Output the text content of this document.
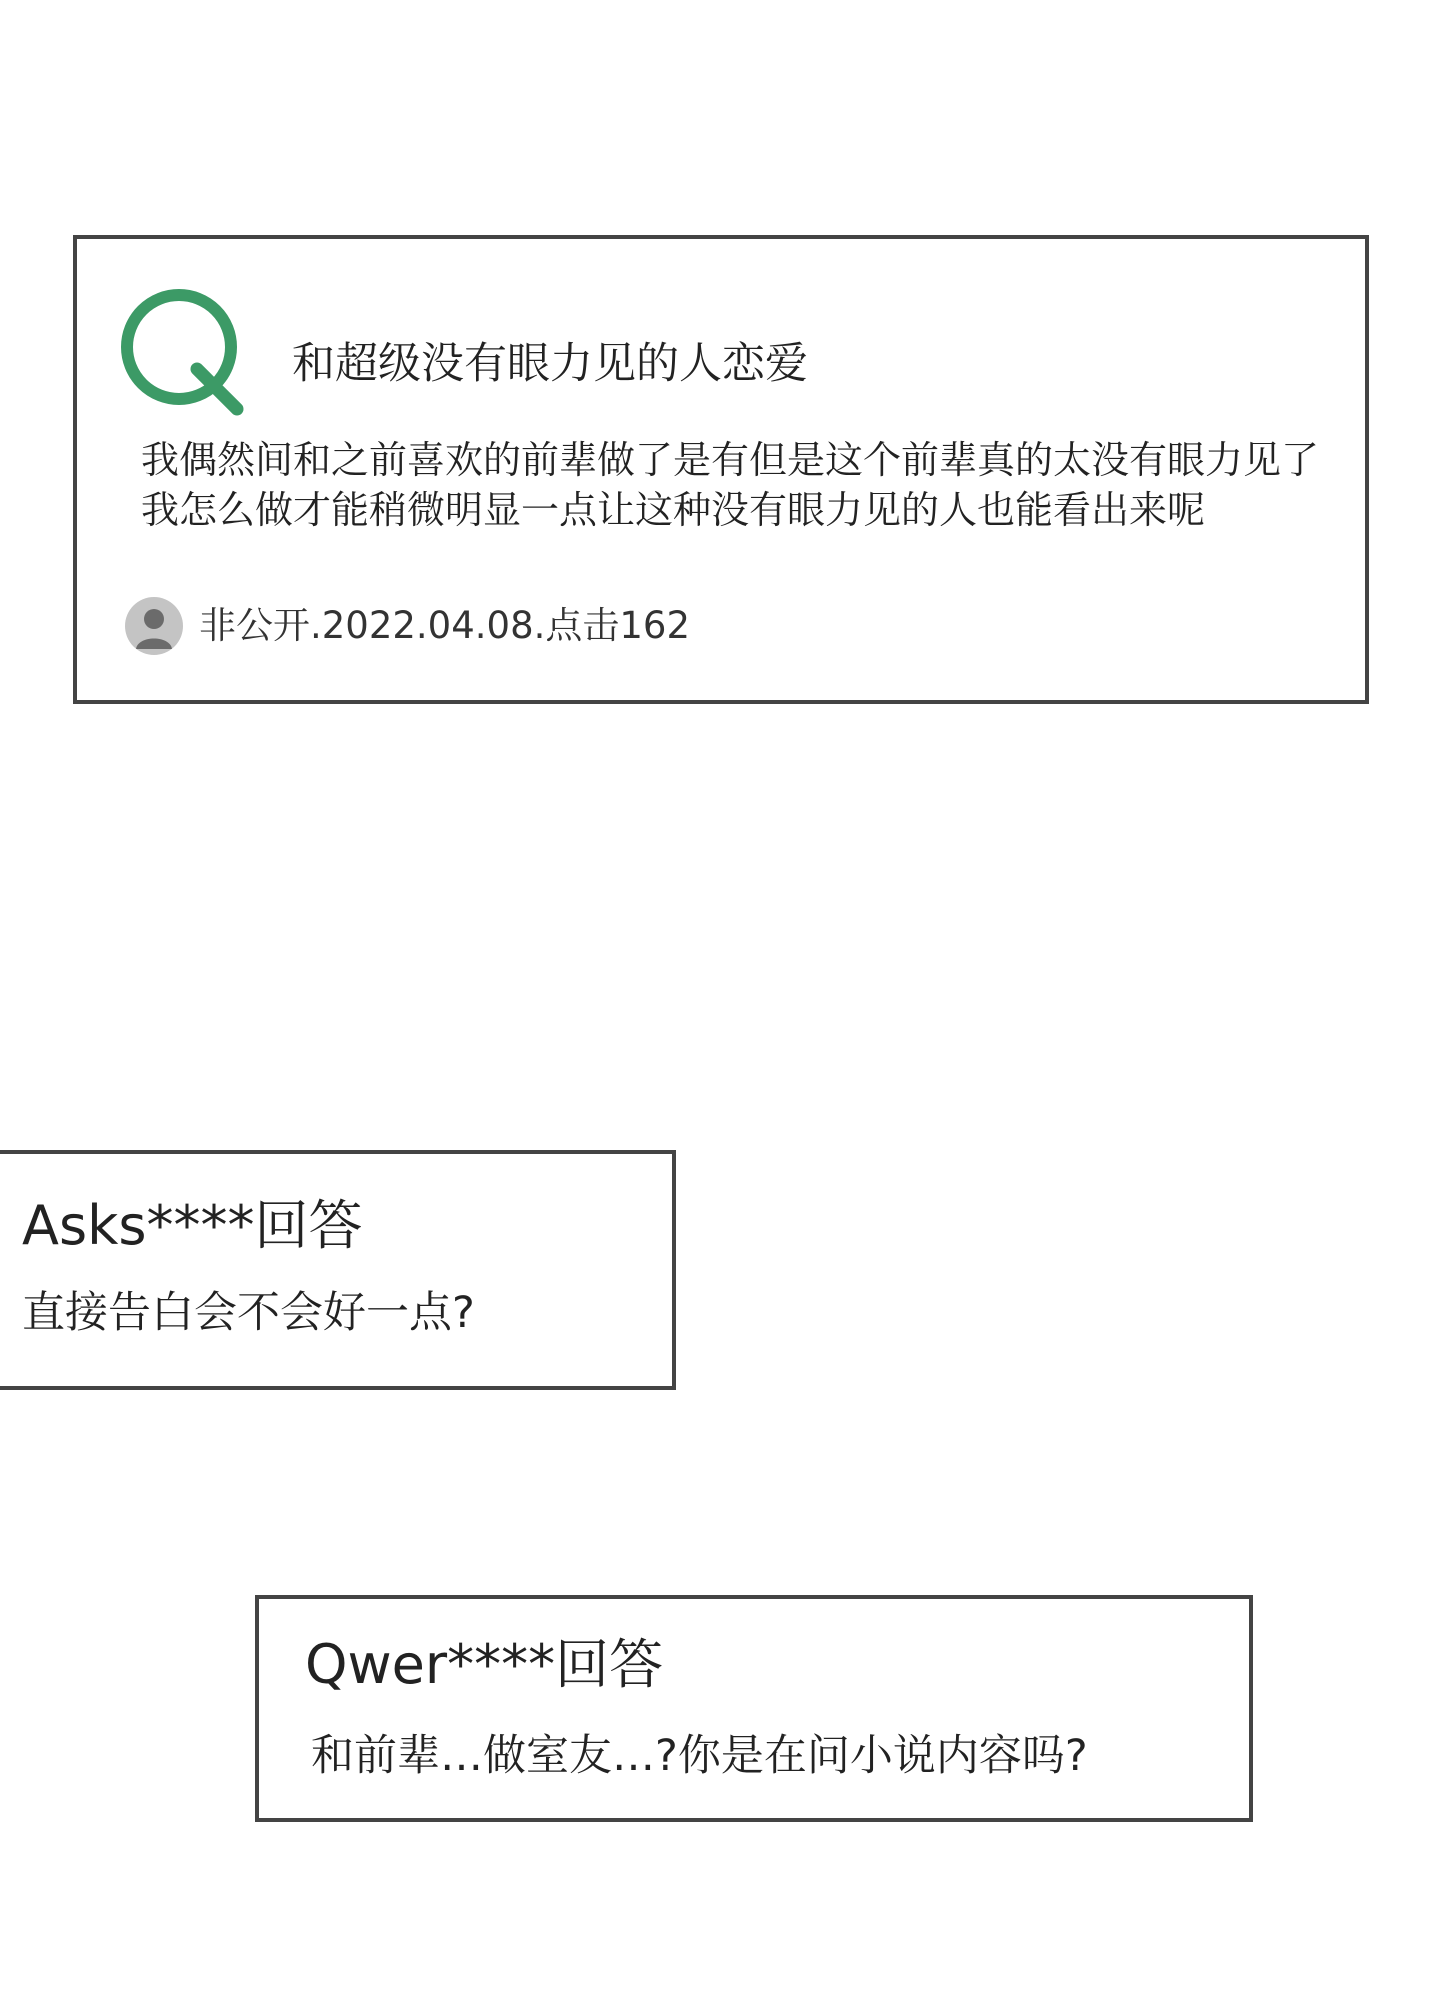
和超级没有眼力见的人恋爱
我偶然间和之前喜欢的前辈做了是有但是这个前辈真的太没有眼力见了我怎么做才能稍微明显一点让这种没有眼力见的人也能看出来呢
非公开.2022.04.08.点击162
Asks****回答
直接告白会不会好一点?
Qwer****回答
和前辈…做室友…?你是在问小说内容吗?
